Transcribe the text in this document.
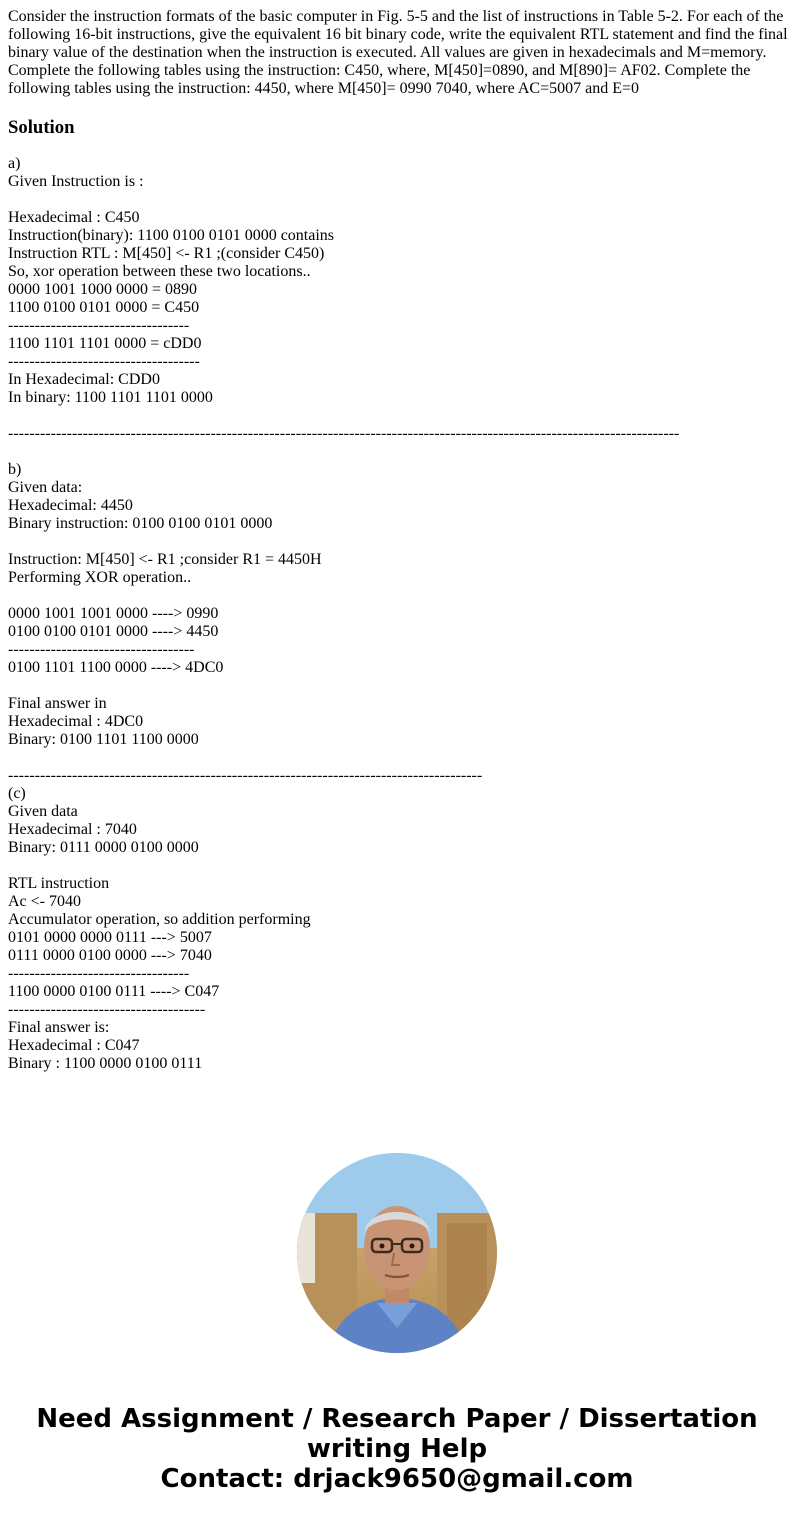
Consider the instruction formats of the basic computer in Fig. 5-5 and the list of instructions in Table 5-2. For each of the following 16-bit instructions, give the equivalent 16 bit binary code, write the equivalent RTL statement and find the final binary value of the destination when the instruction is executed. All values are given in hexadecimals and M=memory. Complete the following tables using the instruction: C450, where, M[450]=0890, and M[890]= AF02. Complete the following tables using the instruction: 4450, where M[450]= 0990 7040, where AC=5007 and E=0

Solution
a)
Given Instruction is :
Hexadecimal : C450
Instruction(binary): 1100 0100 0101 0000 contains
Instruction RTL : M[450] <- R1 ;(consider C450)
So, xor operation between these two locations..
0000 1001 1000 0000 = 0890
1100 0100 0101 0000 = C450
----------------------------------
1100 1101 1101 0000 = cDD0
------------------------------------
In Hexadecimal: CDD0
In binary: 1100 1101 1101 0000
------------------------------------------------------------------------------------------------------------------------------
b)
Given data:
Hexadecimal: 4450
Binary instruction: 0100 0100 0101 0000
Instruction: M[450] <- R1 ;consider R1 = 4450H
Performing XOR operation..
0000 1001 1001 0000 ----> 0990
0100 0100 0101 0000 ----> 4450
-----------------------------------
0100 1101 1100 0000 ----> 4DC0
Final answer in
Hexadecimal : 4DC0
Binary: 0100 1101 1100 0000
-----------------------------------------------------------------------------------------
(c)
Given data
Hexadecimal : 7040
Binary: 0111 0000 0100 0000
RTL instruction
Ac <- 7040
Accumulator operation, so addition performing
0101 0000 0000 0111 ---> 5007
0111 0000 0100 0000 ---> 7040
----------------------------------
1100 0000 0100 0111 ----> C047
-------------------------------------
Final answer is:
Hexadecimal : C047
Binary : 1100 0000 0100 0111
Need Assignment / Research Paper / Dissertation
writing Help
Contact: drjack9650@gmail.com
